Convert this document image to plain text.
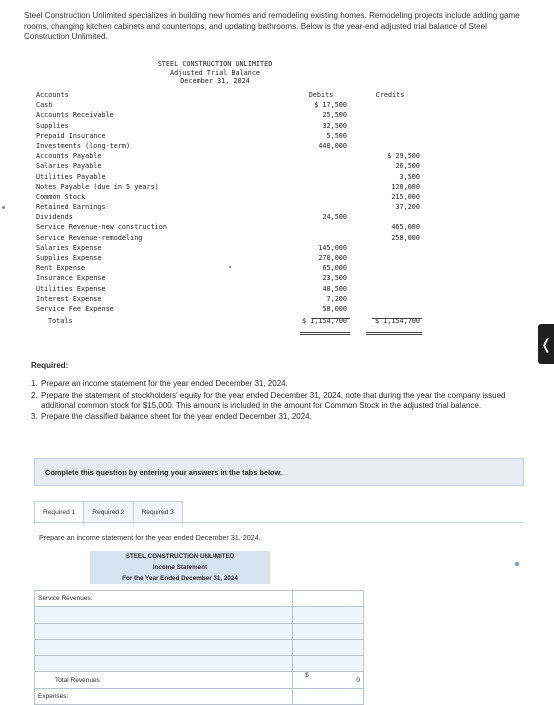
Steel Construction Unlimited specializes in building new homes and remodeling existing homes. Remodeling projects include adding game rooms, changing kitchen cabinets and countertops, and updating bathrooms. Below is the year-end adjusted trial balance of Steel Construction Unlimited.
STEEL CONSTRUCTION UNLIMITED
Adjusted Trial Balance
December 31, 2024
Accounts
Cash
Accounts Receivable
Supplies
Prepaid Insurance
Investments (long-term)
Accounts Payable
Salaries Payable
Utilities Payable
Notes Payable (due in 5 years)
Common Stock
Retained Earnings
Dividends
Service Revenue-new construction
Service Revenue-remodeling
Salaries Expense
Supplies Expense
Rent Expense
Insurance Expense
Utilities Expense
Interest Expense
Service Fee Expense
Totals
Debits
$ 17,500
25,500
32,500
5,500
440,000
24,500
145,000
270,000
65,000
23,500
40,500
7,200
58,000
$ 1,154,700
Credits
$ 29,500
26,500
3,500
120,000
215,000
37,200
465,000
258,000
$ 1,154,700
Required:
1. Prepare an income statement for the year ended December 31, 2024.
2. Prepare the statement of stockholders' equity for the year ended December 31, 2024, note that during the year the company issued additional common stock for $15,000. This amount is included in the amount for Common Stock in the adjusted trial balance.
3. Prepare the classified balance sheet for the year ended December 31, 2024.
Complete this question by entering your answers in the tabs below.
Required 1	Required 2	Required 3
Prepare an income statement for the year ended December 31, 2024.
STEEL CONSTRUCTION UNLIMITED
Income Statement
For the Year Ended December 31, 2024
Service Revenues:
Total Revenues
$
0
Expenses:
❬
